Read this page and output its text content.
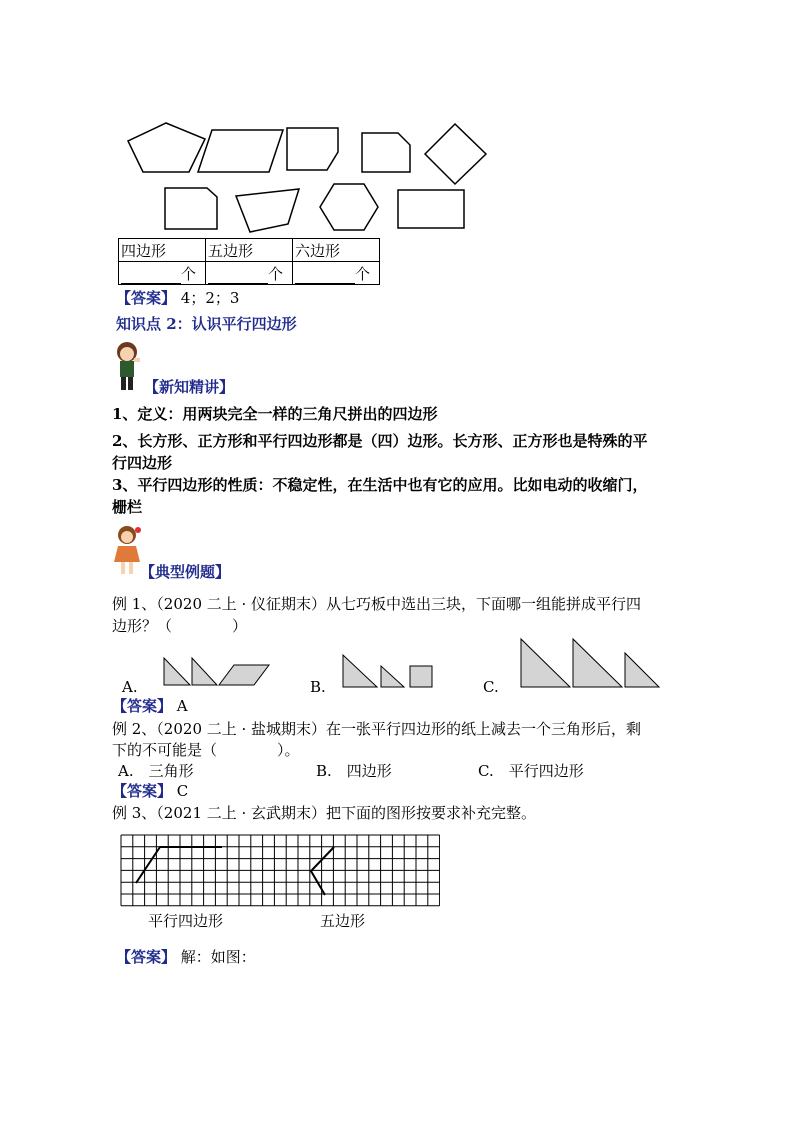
四边形	五边形	六边形
个	个	个
【答案】 4；2；3
知识点 2：认识平行四边形
【新知精讲】
1、定义：用两块完全一样的三角尺拼出的四边形
2、长方形、正方形和平行四边形都是（四）边形。长方形、正方形也是特殊的平
行四边形
3、平行四边形的性质：不稳定性，在生活中也有它的应用。比如电动的收缩门，
栅栏
【典型例题】
例 1、（2020 二上 · 仪征期末）从七巧板中选出三块，下面哪一组能拼成平行四
边形？（　　　　）
A.	B.	C.
【答案】 A
例 2、（2020 二上 · 盐城期末）在一张平行四边形的纸上减去一个三角形后，剩
下的不可能是（　　　　）。
A.　三角形	B.　四边形	C.　平行四边形
【答案】 C
例 3、（2021 二上 · 玄武期末）把下面的图形按要求补充完整。
平行四边形	五边形
【答案】 解：如图：
